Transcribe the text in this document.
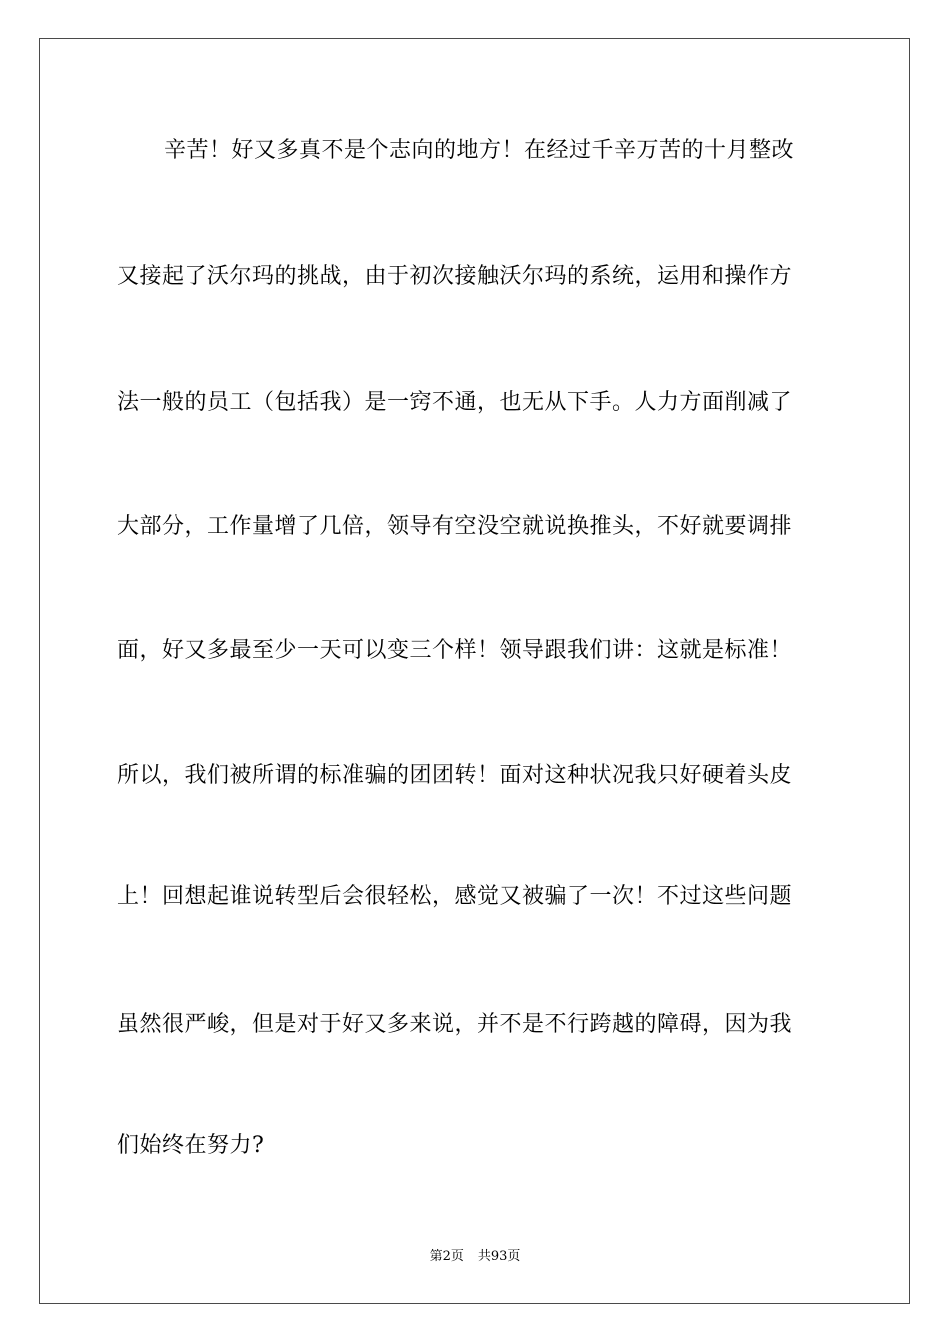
辛苦！好又多真不是个志向的地方！在经过千辛万苦的十月整改
又接起了沃尔玛的挑战，由于初次接触沃尔玛的系统，运用和操作方
法一般的员工（包括我）是一窍不通，也无从下手。人力方面削减了
大部分，工作量增了几倍，领导有空没空就说换推头，不好就要调排
面，好又多最至少一天可以变三个样！领导跟我们讲：这就是标准！
所以，我们被所谓的标准骗的团团转！面对这种状况我只好硬着头皮
上！回想起谁说转型后会很轻松，感觉又被骗了一次！不过这些问题
虽然很严峻，但是对于好又多来说，并不是不行跨越的障碍，因为我
们始终在努力?
第2页 共93页
